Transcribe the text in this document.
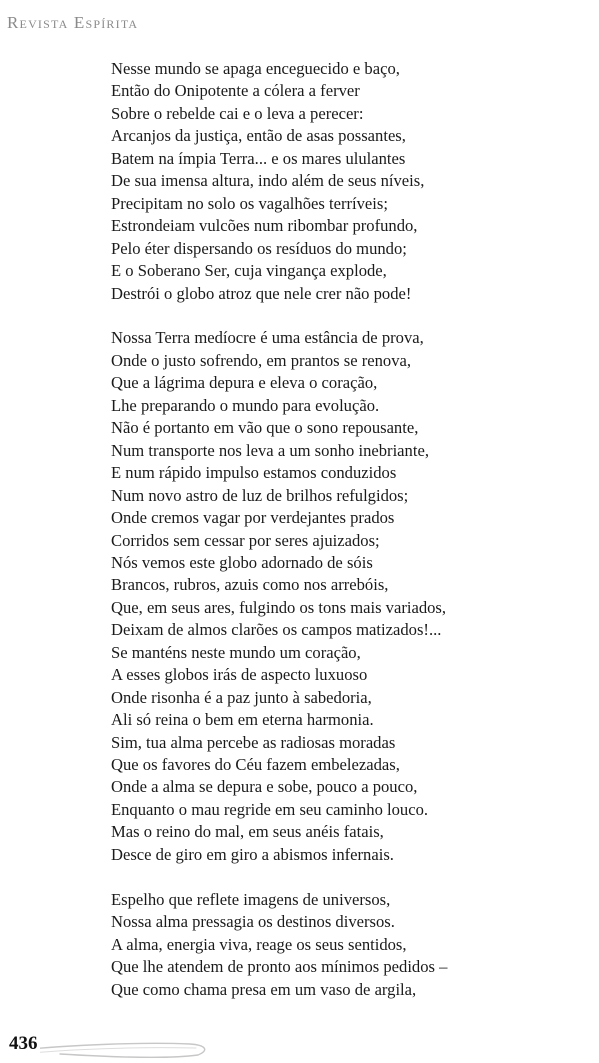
Revista Espírita
Nesse mundo se apaga enceguecido e baço,
Então do Onipotente a cólera a ferver
Sobre o rebelde cai e o leva a perecer:
Arcanjos da justiça, então de asas possantes,
Batem na ímpia Terra... e os mares ululantes
De sua imensa altura, indo além de seus níveis,
Precipitam no solo os vagalhões terríveis;
Estrondeiam vulcões num ribombar profundo,
Pelo éter dispersando os resíduos do mundo;
E o Soberano Ser, cuja vingança explode,
Destrói o globo atroz que nele crer não pode!
Nossa Terra medíocre é uma estância de prova,
Onde o justo sofrendo, em prantos se renova,
Que a lágrima depura e eleva o coração,
Lhe preparando o mundo para evolução.
Não é portanto em vão que o sono repousante,
Num transporte nos leva a um sonho inebriante,
E num rápido impulso estamos conduzidos
Num novo astro de luz de brilhos refulgidos;
Onde cremos vagar por verdejantes prados
Corridos sem cessar por seres ajuizados;
Nós vemos este globo adornado de sóis
Brancos, rubros, azuis como nos arrebóis,
Que, em seus ares, fulgindo os tons mais variados,
Deixam de almos clarões os campos matizados!...
Se manténs neste mundo um coração,
A esses globos irás de aspecto luxuoso
Onde risonha é a paz junto à sabedoria,
Ali só reina o bem em eterna harmonia.
Sim, tua alma percebe as radiosas moradas
Que os favores do Céu fazem embelezadas,
Onde a alma se depura e sobe, pouco a pouco,
Enquanto o mau regride em seu caminho louco.
Mas o reino do mal, em seus anéis fatais,
Desce de giro em giro a abismos infernais.
Espelho que reflete imagens de universos,
Nossa alma pressagia os destinos diversos.
A alma, energia viva, reage os seus sentidos,
Que lhe atendem de pronto aos mínimos pedidos –
Que como chama presa em um vaso de argila,
436
